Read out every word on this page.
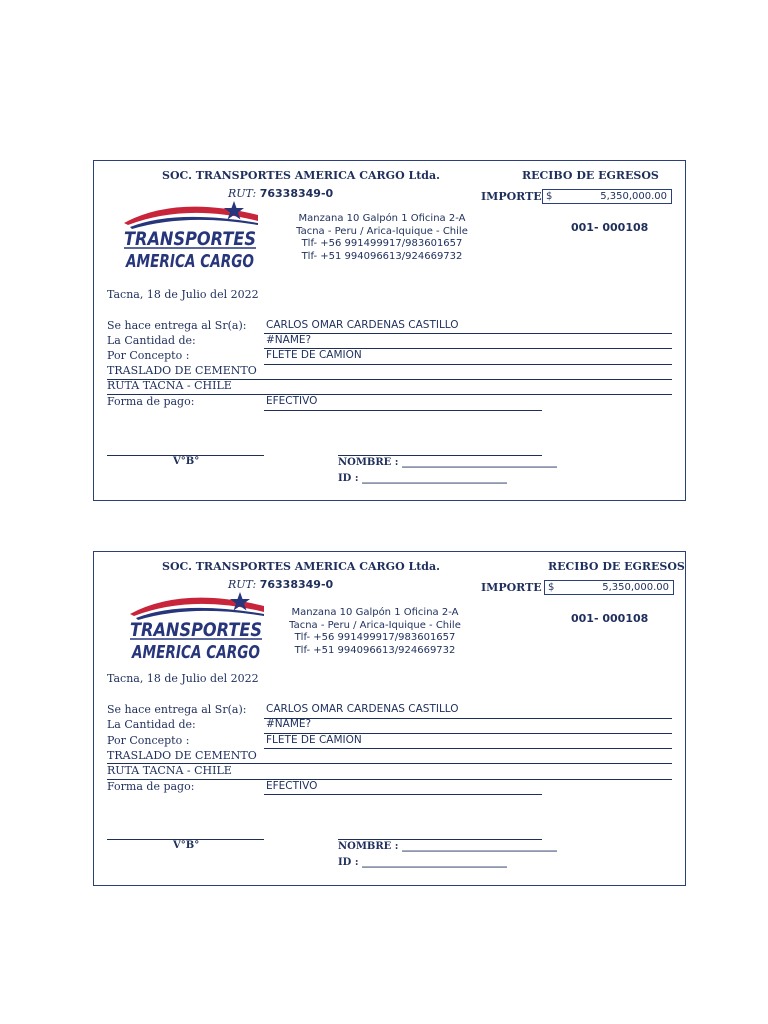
SOC. TRANSPORTES AMERICA CARGO Ltda.
RUT: 76338349-0
RECIBO DE EGRESOS
IMPORTE $	5,350,000.00
001- 000108
TRANSPORTES
AMERICA CARGO
Manzana 10 Galpón 1 Oficina 2-A
Tacna - Peru / Arica-Iquique - Chile
Tlf- +56 991499917/983601657
Tlf- +51 994096613/924669732
Tacna, 18 de Julio del 2022
Se hace entrega al Sr(a): CARLOS OMAR CARDENAS CASTILLO
La Cantidad de:	#NAME?
Por Concepto :	FLETE DE CAMION
TRASLADO DE CEMENTO
RUTA TACNA - CHILE
Forma de pago:	EFECTIVO
V°B°	NOMBRE : _______________________________
ID : _____________________________
SOC. TRANSPORTES AMERICA CARGO Ltda.
RUT: 76338349-0
RECIBO DE EGRESOS
IMPORTE $	5,350,000.00
001- 000108
TRANSPORTES
AMERICA CARGO
Manzana 10 Galpón 1 Oficina 2-A
Tacna - Peru / Arica-Iquique - Chile
Tlf- +56 991499917/983601657
Tlf- +51 994096613/924669732
Tacna, 18 de Julio del 2022
Se hace entrega al Sr(a): CARLOS OMAR CARDENAS CASTILLO
La Cantidad de:	#NAME?
Por Concepto :	FLETE DE CAMION
TRASLADO DE CEMENTO
RUTA TACNA - CHILE
Forma de pago:	EFECTIVO
V°B°	NOMBRE : _______________________________
ID : _____________________________
